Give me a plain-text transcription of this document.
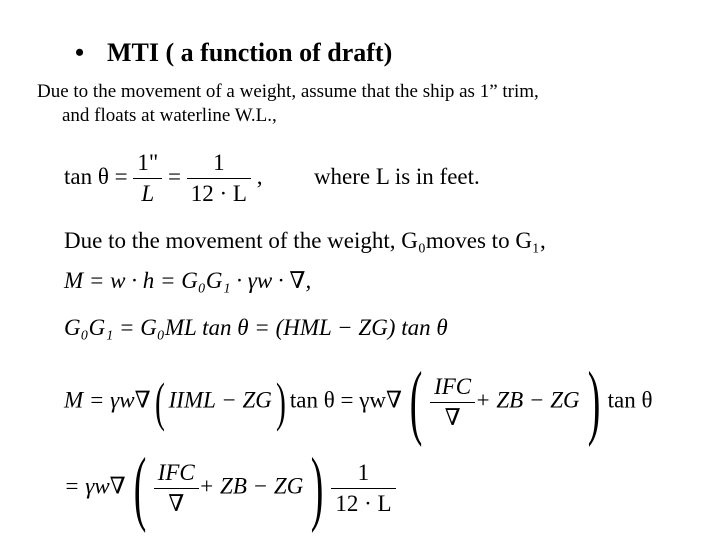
• MTI ( a function of draft)
Due to the movement of a weight, assume that the ship as 1” trim,
and floats at waterline W.L.,
$\tan \theta = \frac{1"}{L} = \frac{1}{12 \cdot L}$ , where L is in feet.
Due to the movement of the weight, G₀moves to G₁,
M = w · h = G₀G₁ · γw · ∇,
G₀G₁ = G₀ML tan θ = (HML − ZG) tan θ
M = γw∇( IIML − ZG) $\tan \theta = \gamma w\nabla( \frac{\text{IFC}}{\nabla}$ + ZB − ZG) tan θ
= $\gamma w\nabla( \frac{\text{IFC}}{\nabla}$ + ZB − $ZG) \frac{1}{12 \cdot L}$
